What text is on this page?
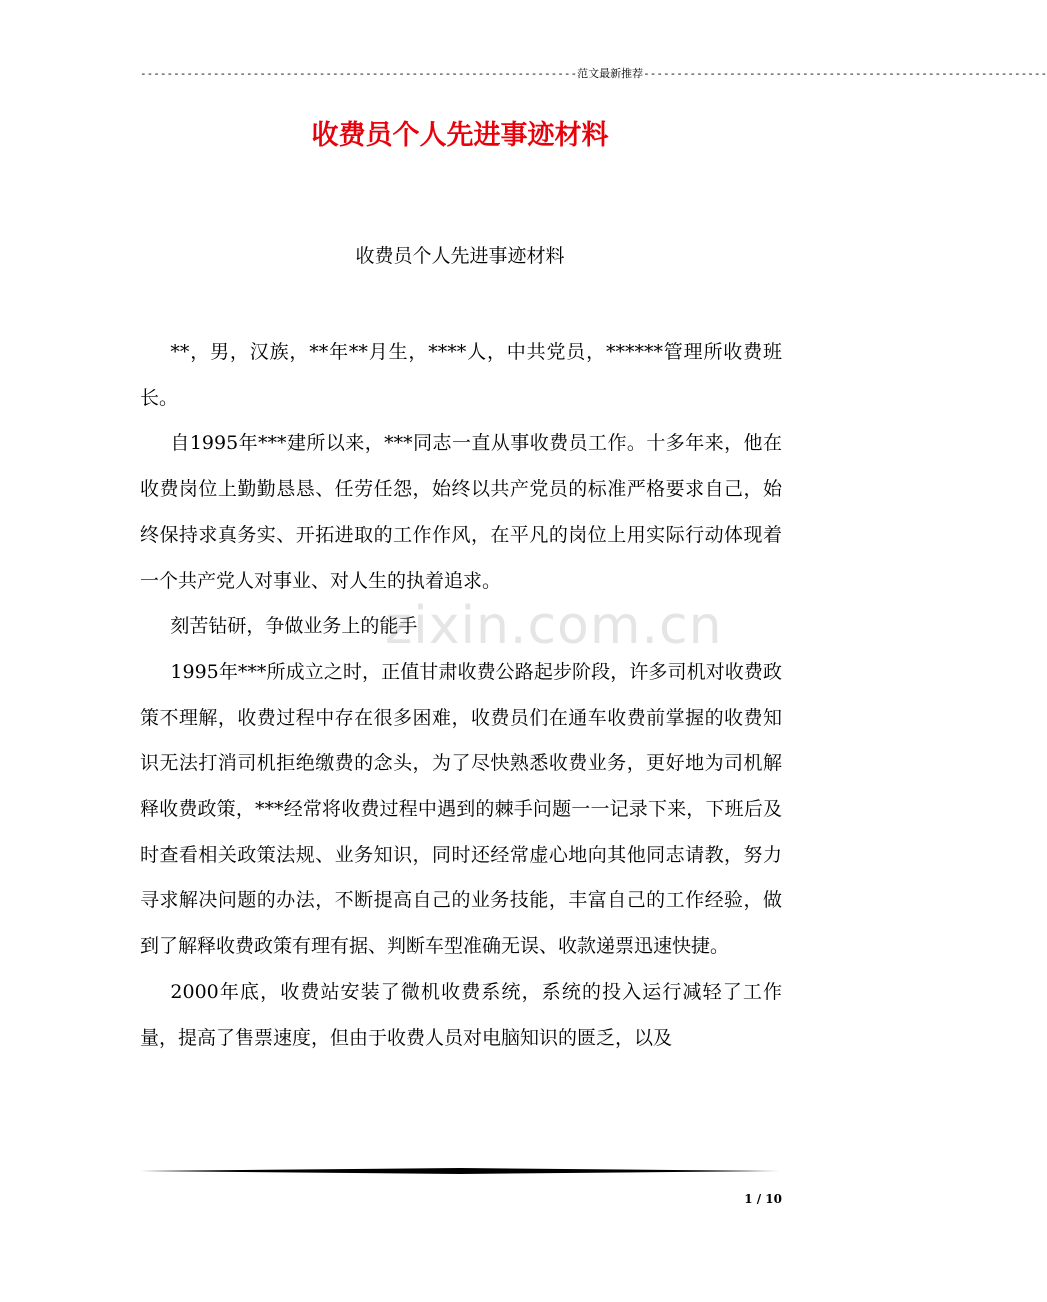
------------------------------------------------------------------范文最新推荐-------------------------------------------------------------
收费员个人先进事迹材料
收费员个人先进事迹材料

**，男，汉族，**年**月生，****人，中共党员，******管理所收费班长。

自1995年***建所以来，***同志一直从事收费员工作。十多年来，他在收费岗位上勤勤恳恳、任劳任怨，始终以共产党员的标准严格要求自己，始终保持求真务实、开拓进取的工作作风，在平凡的岗位上用实际行动体现着一个共产党人对事业、对人生的执着追求。

刻苦钻研，争做业务上的能手

1995年***所成立之时，正值甘肃收费公路起步阶段，许多司机对收费政策不理解，收费过程中存在很多困难，收费员们在通车收费前掌握的收费知识无法打消司机拒绝缴费的念头，为了尽快熟悉收费业务，更好地为司机解释收费政策，***经常将收费过程中遇到的棘手问题一一记录下来，下班后及时查看相关政策法规、业务知识，同时还经常虚心地向其他同志请教，努力寻求解决问题的办法，不断提高自己的业务技能，丰富自己的工作经验，做到了解释收费政策有理有据、判断车型准确无误、收款递票迅速快捷。

2000年底，收费站安装了微机收费系统，系统的投入运行减轻了工作量，提高了售票速度，但由于收费人员对电脑知识的匮乏，以及

zixin.com.cn
1 / 10
